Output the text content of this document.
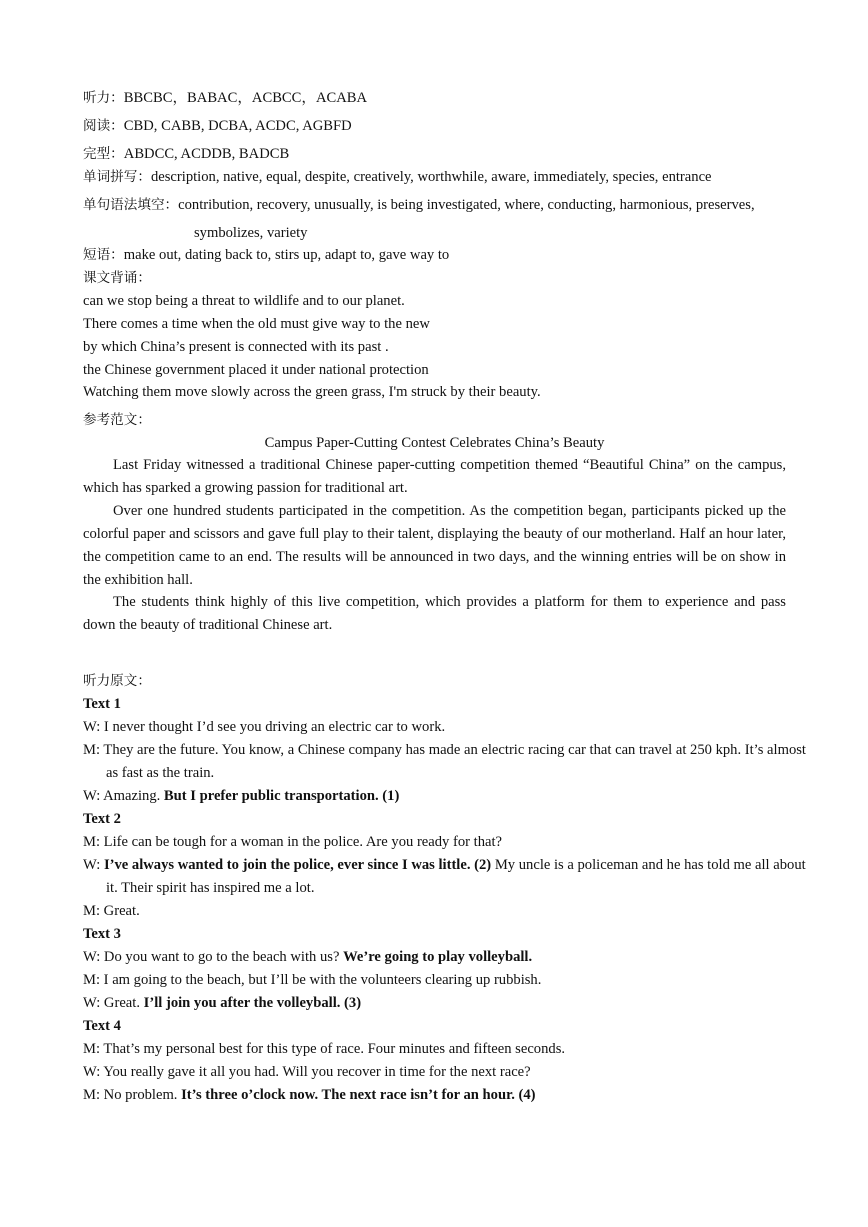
听力：BBCBC，BABAC，ACBCC，ACABA
阅读：CBD, CABB, DCBA, ACDC, AGBFD
完型：ABDCC, ACDDB, BADCB
单词拼写：description, native, equal, despite, creatively, worthwhile, aware, immediately, species, entrance
单句语法填空：contribution, recovery, unusually, is being investigated, where, conducting, harmonious, preserves,
symbolizes, variety
短语：make out, dating back to, stirs up, adapt to, gave way to
课文背诵：
can we stop being a threat to wildlife and to our planet.
There comes a time when the old must give way to the new
by which China’s present is connected with its past .
the Chinese government placed it under national protection
Watching them move slowly across the green grass, I'm struck by their beauty.
参考范文：
Campus Paper-Cutting Contest Celebrates China’s Beauty
Last Friday witnessed a traditional Chinese paper-cutting competition themed “Beautiful China” on the campus, which has sparked a growing passion for traditional art.
Over one hundred students participated in the competition. As the competition began, participants picked up the colorful paper and scissors and gave full play to their talent, displaying the beauty of our motherland. Half an hour later, the competition came to an end. The results will be announced in two days, and the winning entries will be on show in the exhibition hall.
The students think highly of this live competition, which provides a platform for them to experience and pass down the beauty of traditional Chinese art.
听力原文：
Text 1
W: I never thought I’d see you driving an electric car to work.
M: They are the future. You know, a Chinese company has made an electric racing car that can travel at 250 kph. It’s almost as fast as the train.
W: Amazing. But I prefer public transportation. (1)
Text 2
M: Life can be tough for a woman in the police. Are you ready for that?
W: I’ve always wanted to join the police, ever since I was little. (2) My uncle is a policeman and he has told me all about it. Their spirit has inspired me a lot.
M: Great.
Text 3
W: Do you want to go to the beach with us? We’re going to play volleyball.
M: I am going to the beach, but I’ll be with the volunteers clearing up rubbish.
W: Great. I’ll join you after the volleyball. (3)
Text 4
M: That’s my personal best for this type of race. Four minutes and fifteen seconds.
W: You really gave it all you had. Will you recover in time for the next race?
M: No problem. It’s three o’clock now. The next race isn’t for an hour. (4)
